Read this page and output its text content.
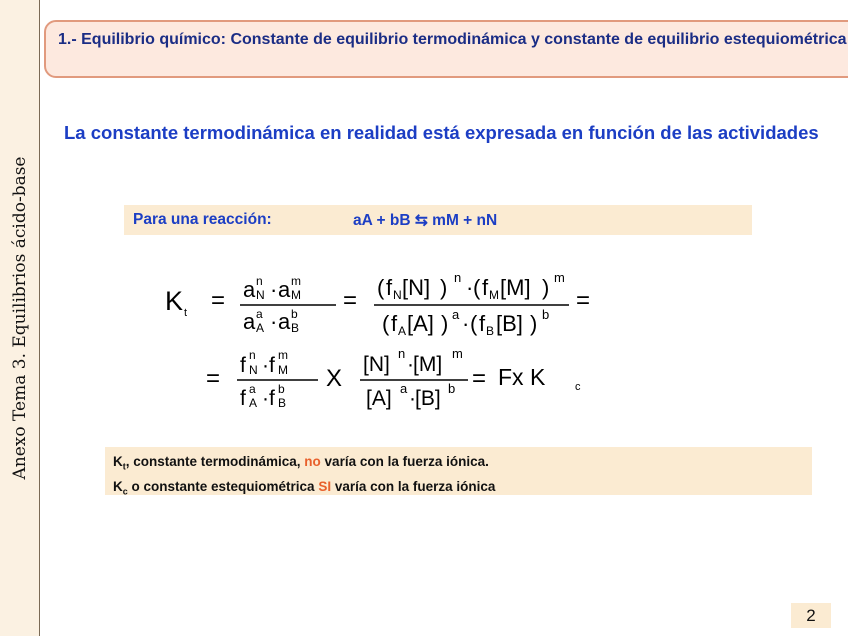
Anexo Tema 3. Equilibrios ácido-base
1.- Equilibrio químico: Constante de equilibrio termodinámica y constante de equilibrio estequiométrica
La constante termodinámica en realidad está expresada en función de las actividades
Para una reacción:	aA + bB ⇆ mM + nN
K t = a n
N · a m
M
a a
A · a b
B
= ( f N [N] ) n · ( f M [M] ) m
( f A [A] ) a · ( f B [B] ) b
=
= f n
N · f m
M
f a
A · f b
B
X
[N] n · [M] m
[A] a · [B] b = Fx K	c
$K_t$, constante termodinámica, no varía con la fuerza iónica.
$K_c$ o constante estequiométrica SI varía con la fuerza iónica
2
